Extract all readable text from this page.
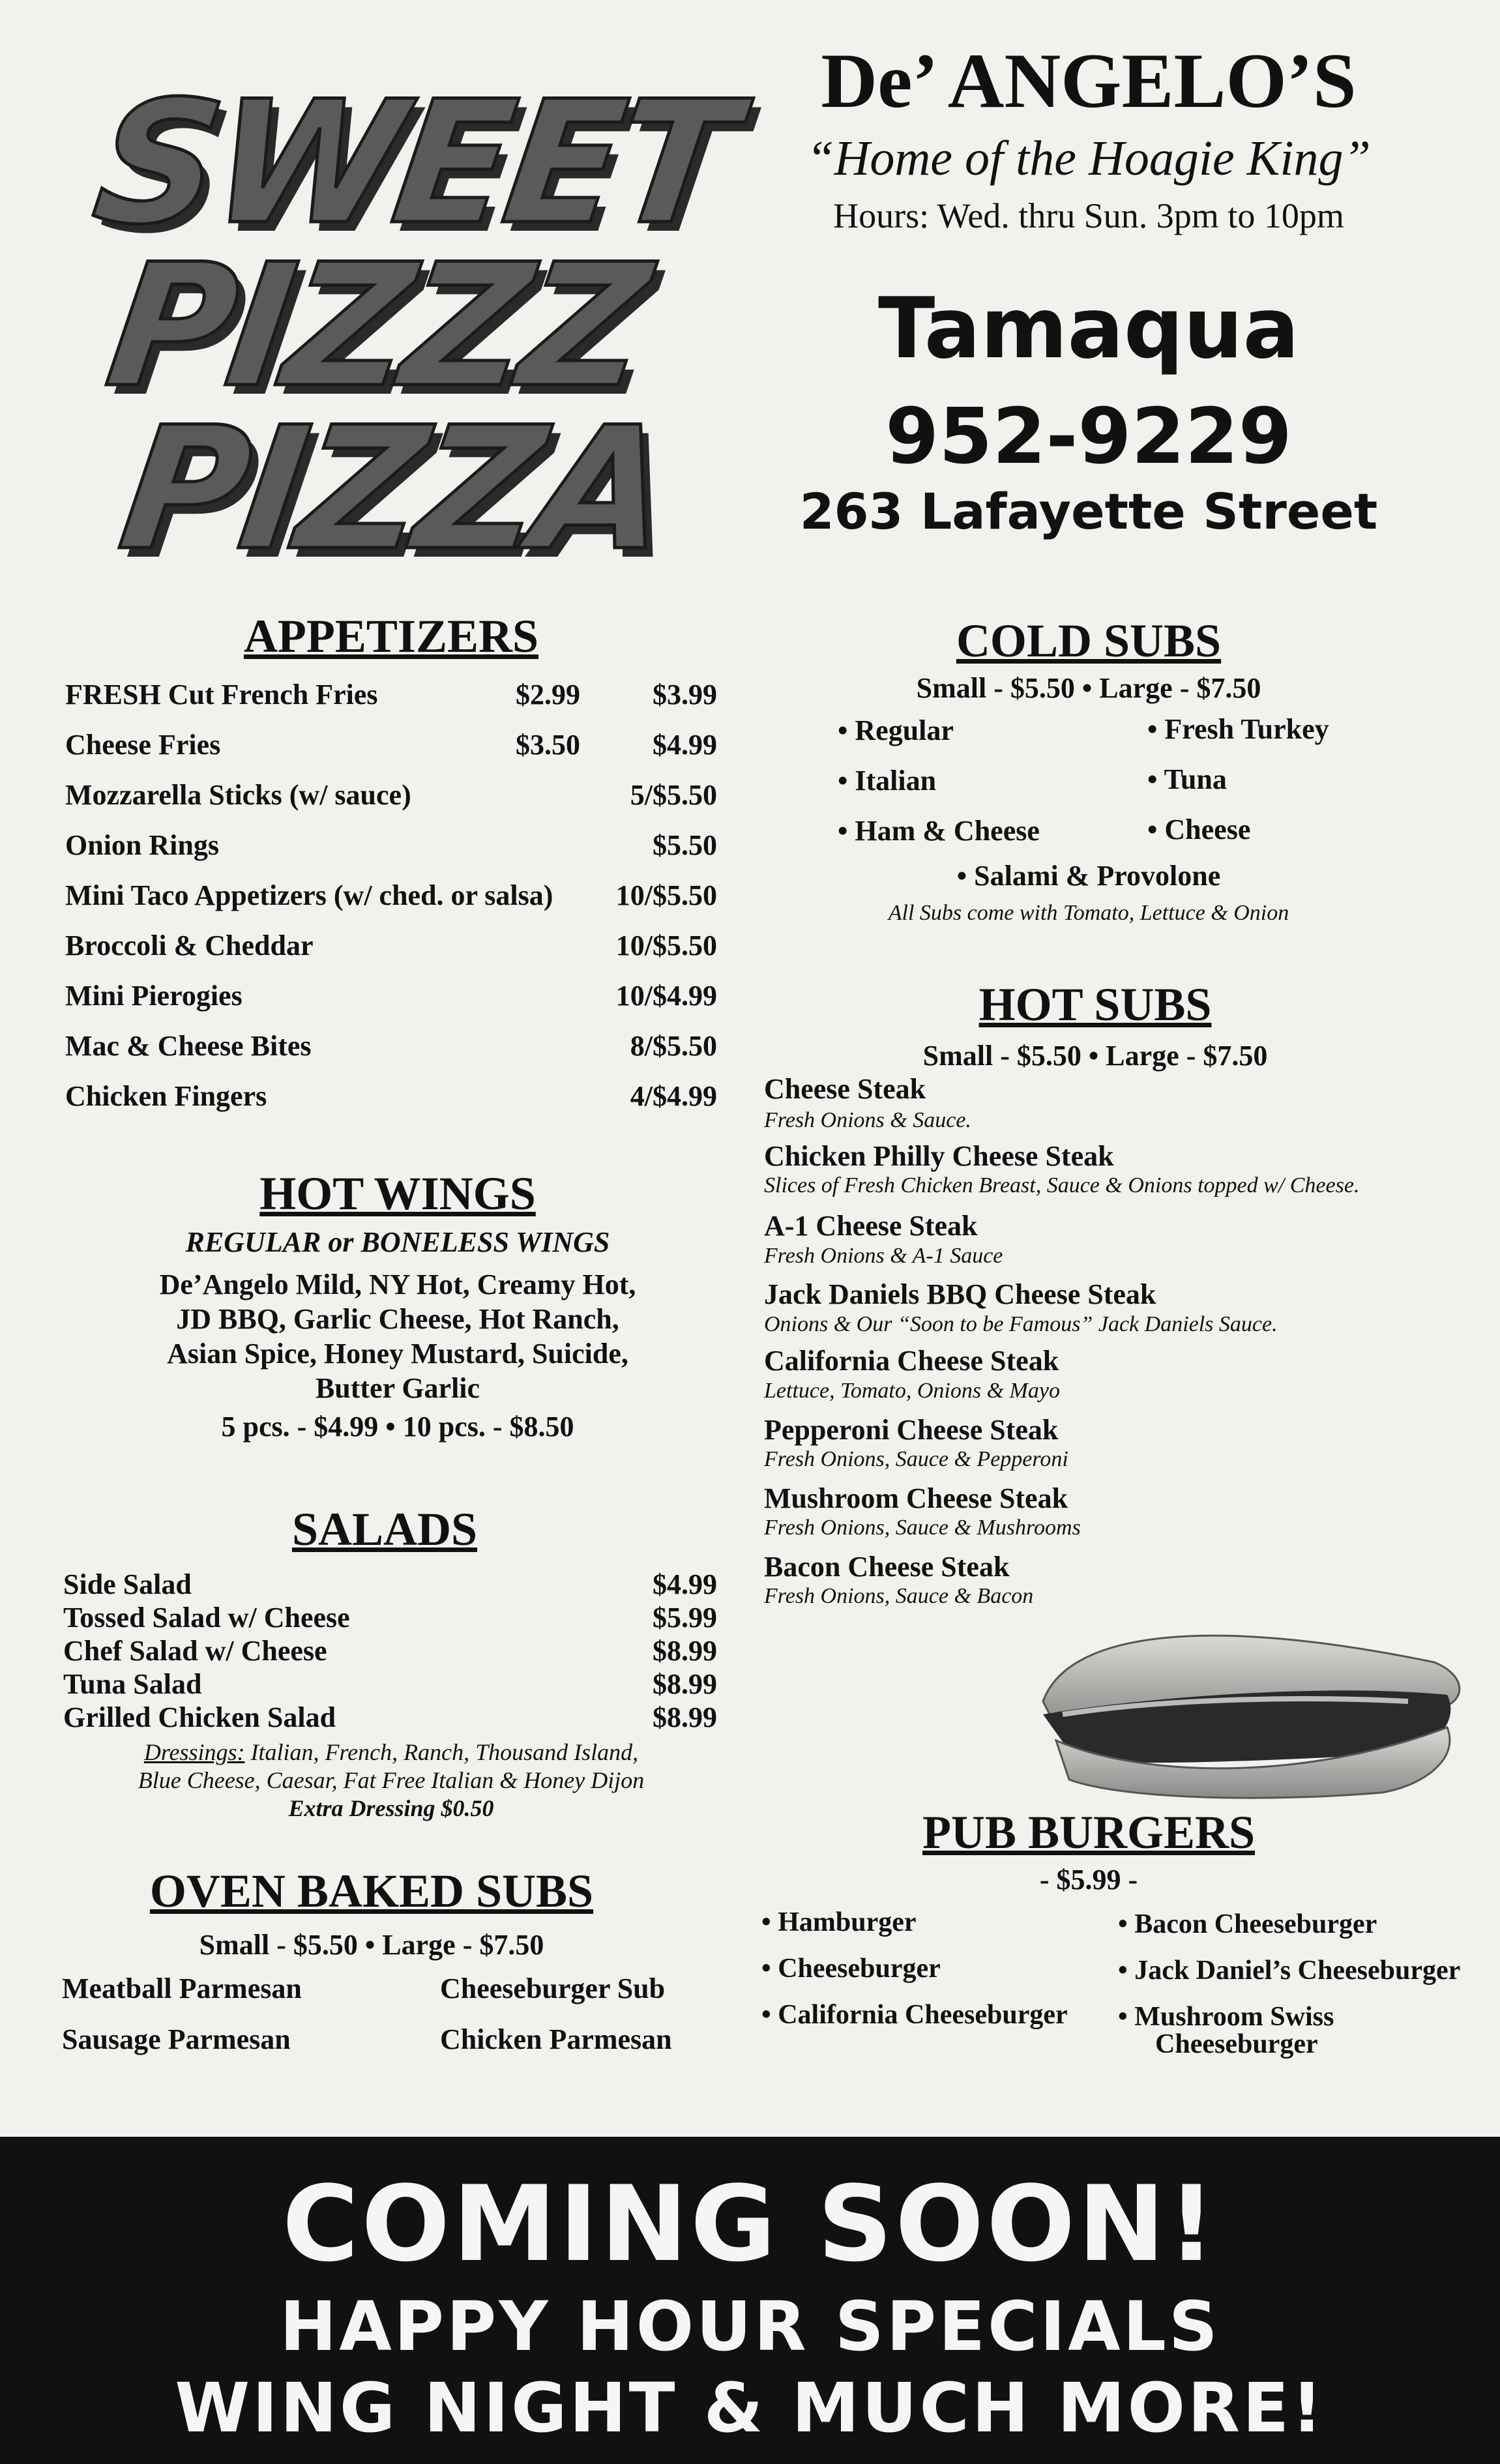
SWEET
PIZZZ
PIZZA
De’ ANGELO’S
“Home of the Hoagie King”
Hours: Wed. thru Sun. 3pm to 10pm
Tamaqua
952-9229
263 Lafayette Street
APPETIZERS
FRESH Cut French Fries	$2.99	$3.99
Cheese Fries	$3.50	$4.99
Mozzarella Sticks (w/ sauce)	5/$5.50
Onion Rings	$5.50
Mini Taco Appetizers (w/ ched. or salsa)	10/$5.50
Broccoli & Cheddar	10/$5.50
Mini Pierogies	10/$4.99
Mac & Cheese Bites	8/$5.50
Chicken Fingers	4/$4.99
HOT WINGS
REGULAR or BONELESS WINGS
De’Angelo Mild, NY Hot, Creamy Hot,
JD BBQ, Garlic Cheese, Hot Ranch,
Asian Spice, Honey Mustard, Suicide,
Butter Garlic
5 pcs. - $4.99 • 10 pcs. - $8.50
SALADS
Side Salad	$4.99
Tossed Salad w/ Cheese	$5.99
Chef Salad w/ Cheese	$8.99
Tuna Salad	$8.99
Grilled Chicken Salad	$8.99
Dressings: Italian, French, Ranch, Thousand Island,
Blue Cheese, Caesar, Fat Free Italian & Honey Dijon
Extra Dressing $0.50
OVEN BAKED SUBS
Small - $5.50 • Large - $7.50
Meatball Parmesan	Cheeseburger Sub
Sausage Parmesan	Chicken Parmesan
COLD SUBS
Small - $5.50 • Large - $7.50
• Regular	• Fresh Turkey
• Italian	• Tuna
• Ham & Cheese	• Cheese
• Salami & Provolone
All Subs come with Tomato, Lettuce & Onion
HOT SUBS
Small - $5.50 • Large - $7.50
Cheese Steak
Fresh Onions & Sauce.
Chicken Philly Cheese Steak
Slices of Fresh Chicken Breast, Sauce & Onions topped w/ Cheese.
A-1 Cheese Steak
Fresh Onions & A-1 Sauce
Jack Daniels BBQ Cheese Steak
Onions & Our “Soon to be Famous” Jack Daniels Sauce.
California Cheese Steak
Lettuce, Tomato, Onions & Mayo
Pepperoni Cheese Steak
Fresh Onions, Sauce & Pepperoni
Mushroom Cheese Steak
Fresh Onions, Sauce & Mushrooms
Bacon Cheese Steak
Fresh Onions, Sauce & Bacon
PUB BURGERS
- $5.99 -
• Hamburger
• Cheeseburger
• California Cheeseburger
• Bacon Cheeseburger
• Jack Daniel’s Cheeseburger
• Mushroom Swiss
Cheeseburger
COMING SOON!
HAPPY HOUR SPECIALS
WING NIGHT & MUCH MORE!
